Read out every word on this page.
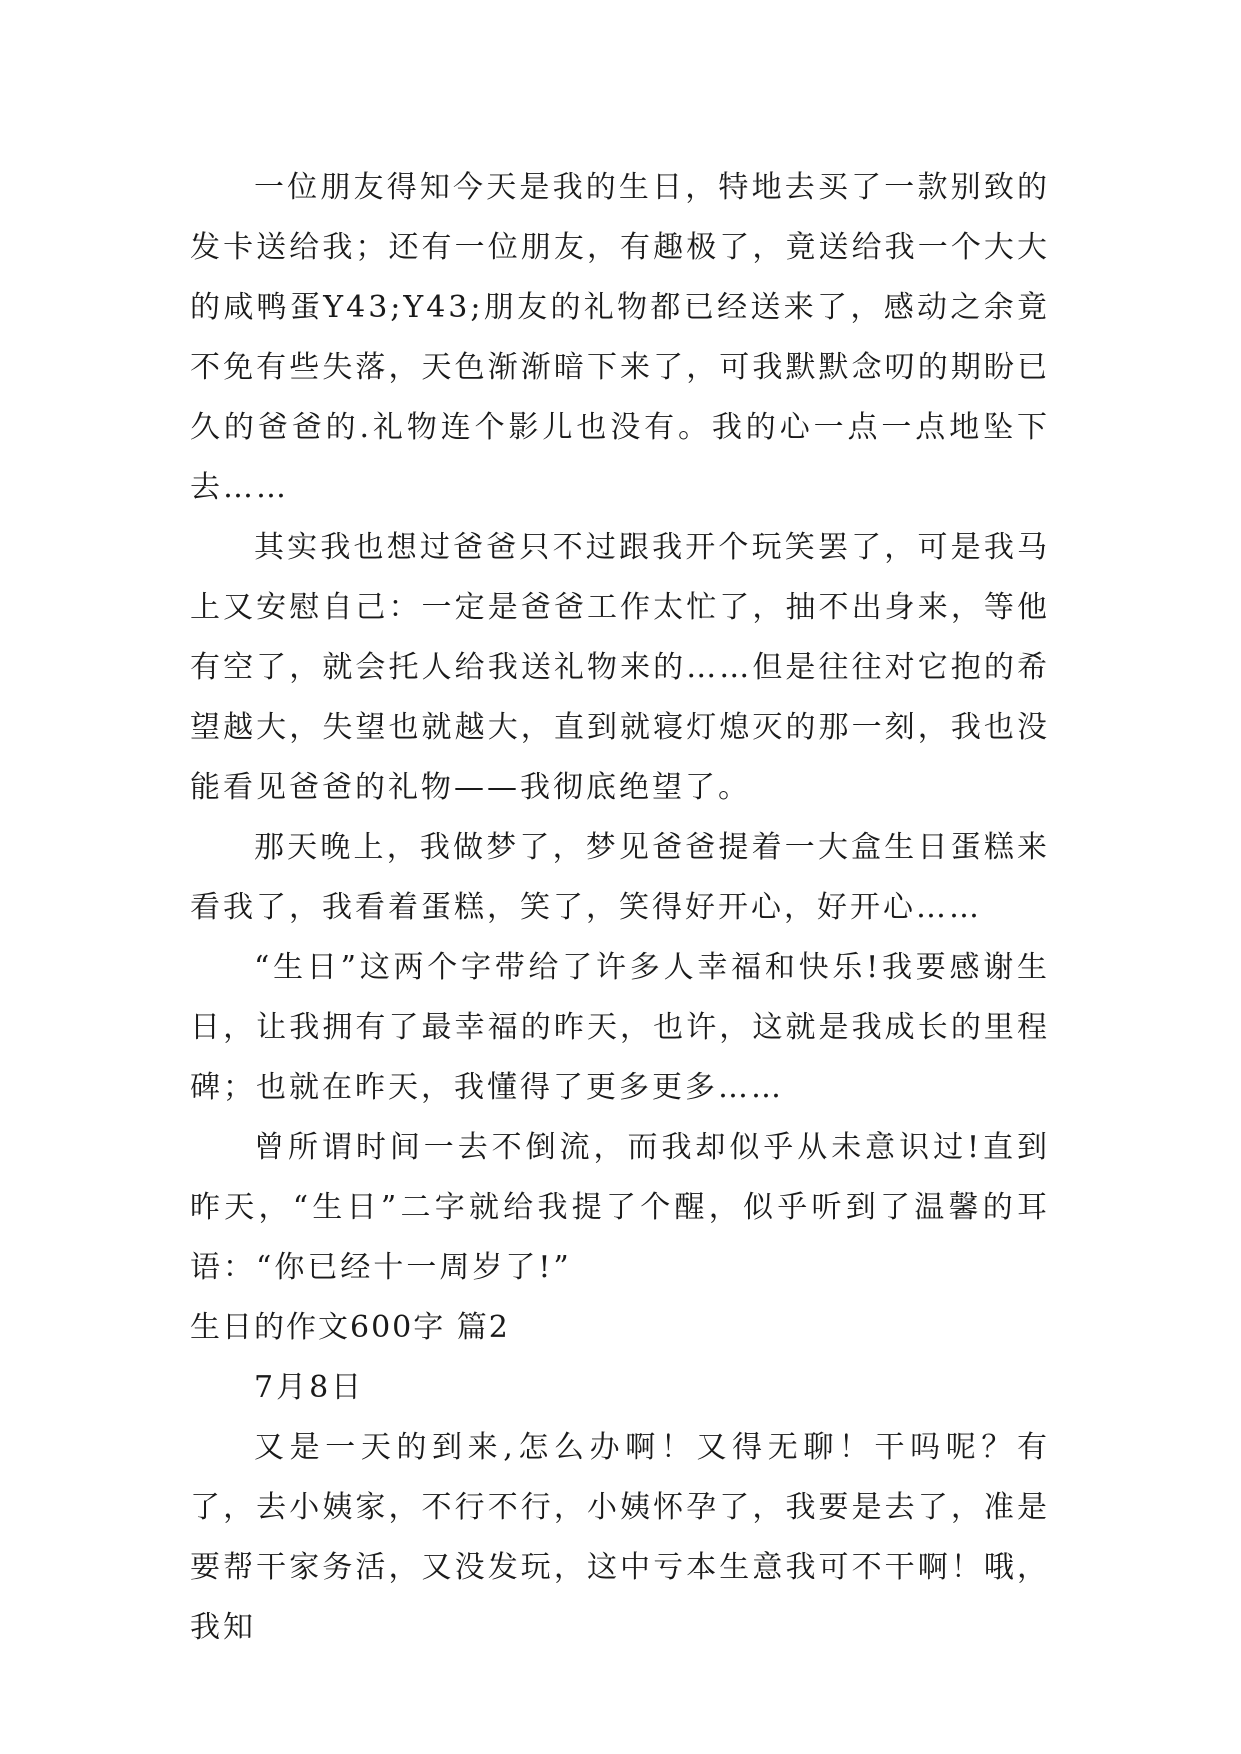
一位朋友得知今天是我的生日，特地去买了一款别致的发卡送给我；还有一位朋友，有趣极了，竟送给我一个大大的咸鸭蛋Y43;Y43;朋友的礼物都已经送来了，感动之余竟不免有些失落，天色渐渐暗下来了，可我默默念叨的期盼已久的爸爸的.礼物连个影儿也没有。我的心一点一点地坠下去……

其实我也想过爸爸只不过跟我开个玩笑罢了，可是我马上又安慰自己：一定是爸爸工作太忙了，抽不出身来，等他有空了，就会托人给我送礼物来的……但是往往对它抱的希望越大，失望也就越大，直到就寝灯熄灭的那一刻，我也没能看见爸爸的礼物——我彻底绝望了。

那天晚上，我做梦了，梦见爸爸提着一大盒生日蛋糕来看我了，我看着蛋糕，笑了，笑得好开心，好开心……

“生日”这两个字带给了许多人幸福和快乐!我要感谢生日，让我拥有了最幸福的昨天，也许，这就是我成长的里程碑；也就在昨天，我懂得了更多更多……

曾所谓时间一去不倒流，而我却似乎从未意识过!直到昨天，“生日”二字就给我提了个醒，似乎听到了温馨的耳语：“你已经十一周岁了!”

生日的作文600字 篇2

7月8日

又是一天的到来,怎么办啊！又得无聊！干吗呢？有了，去小姨家，不行不行，小姨怀孕了，我要是去了，准是要帮干家务活，又没发玩，这中亏本生意我可不干啊！哦，我知
